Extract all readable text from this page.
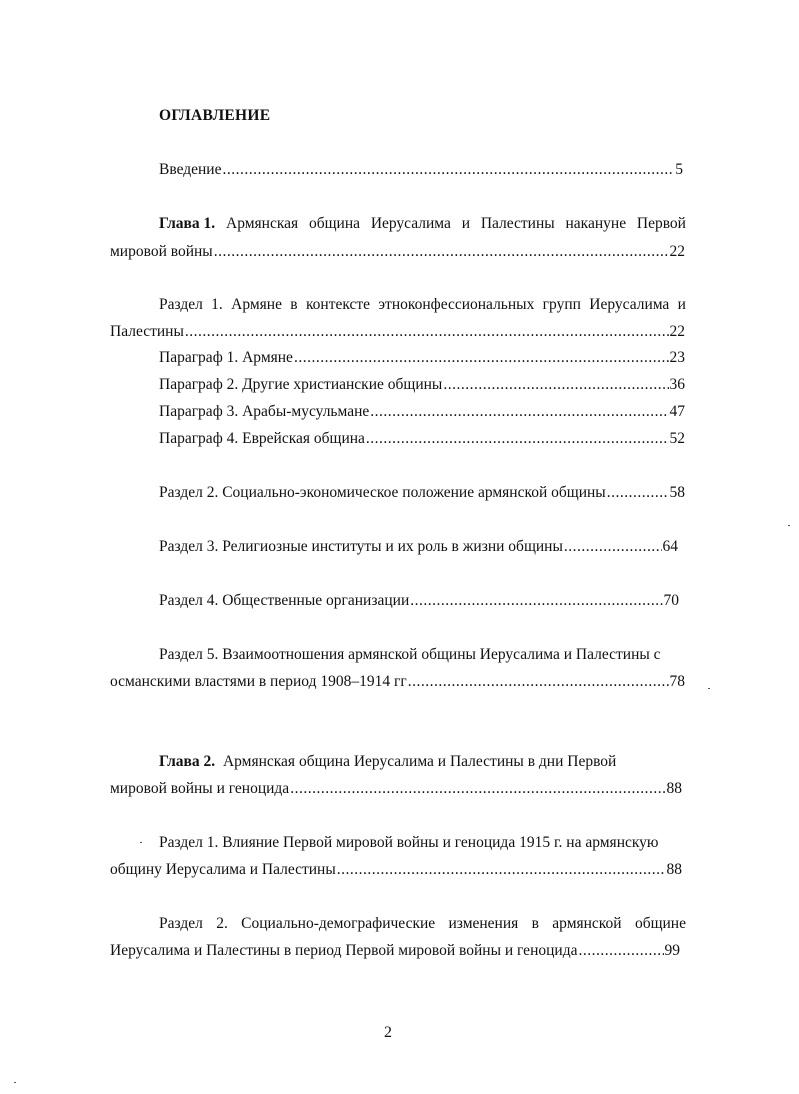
ОГЛАВЛЕНИЕ
Введение .....	5
Глава 1. Армянская община Иерусалима и Палестины накануне Первой
мировой войны .....	22
Раздел 1. Армяне в контексте этноконфессиональных групп Иерусалима и
Палестины .....	22
Параграф 1. Армяне .....	23
Параграф 2. Другие христианские общины .....	36
Параграф 3. Арабы-мусульмане .....	47
Параграф 4. Еврейская община .....	52
Раздел 2. Социально-экономическое положение армянской общины .....	58
Раздел 3. Религиозные институты и их роль в жизни общины .....	64
Раздел 4. Общественные организации .....	70
Раздел 5. Взаимоотношения армянской общины Иерусалима и Палестины с
османскими властями в период 1908–1914 гг .....	78
Глава 2. Армянская община Иерусалима и Палестины в дни Первой
мировой войны и геноцида .....	88
Раздел 1. Влияние Первой мировой войны и геноцида 1915 г. на армянскую
общину Иерусалима и Палестины .....	88
Раздел 2. Социально-демографические изменения в армянской общине
Иерусалима и Палестины в период Первой мировой войны и геноцида .....	99
2
